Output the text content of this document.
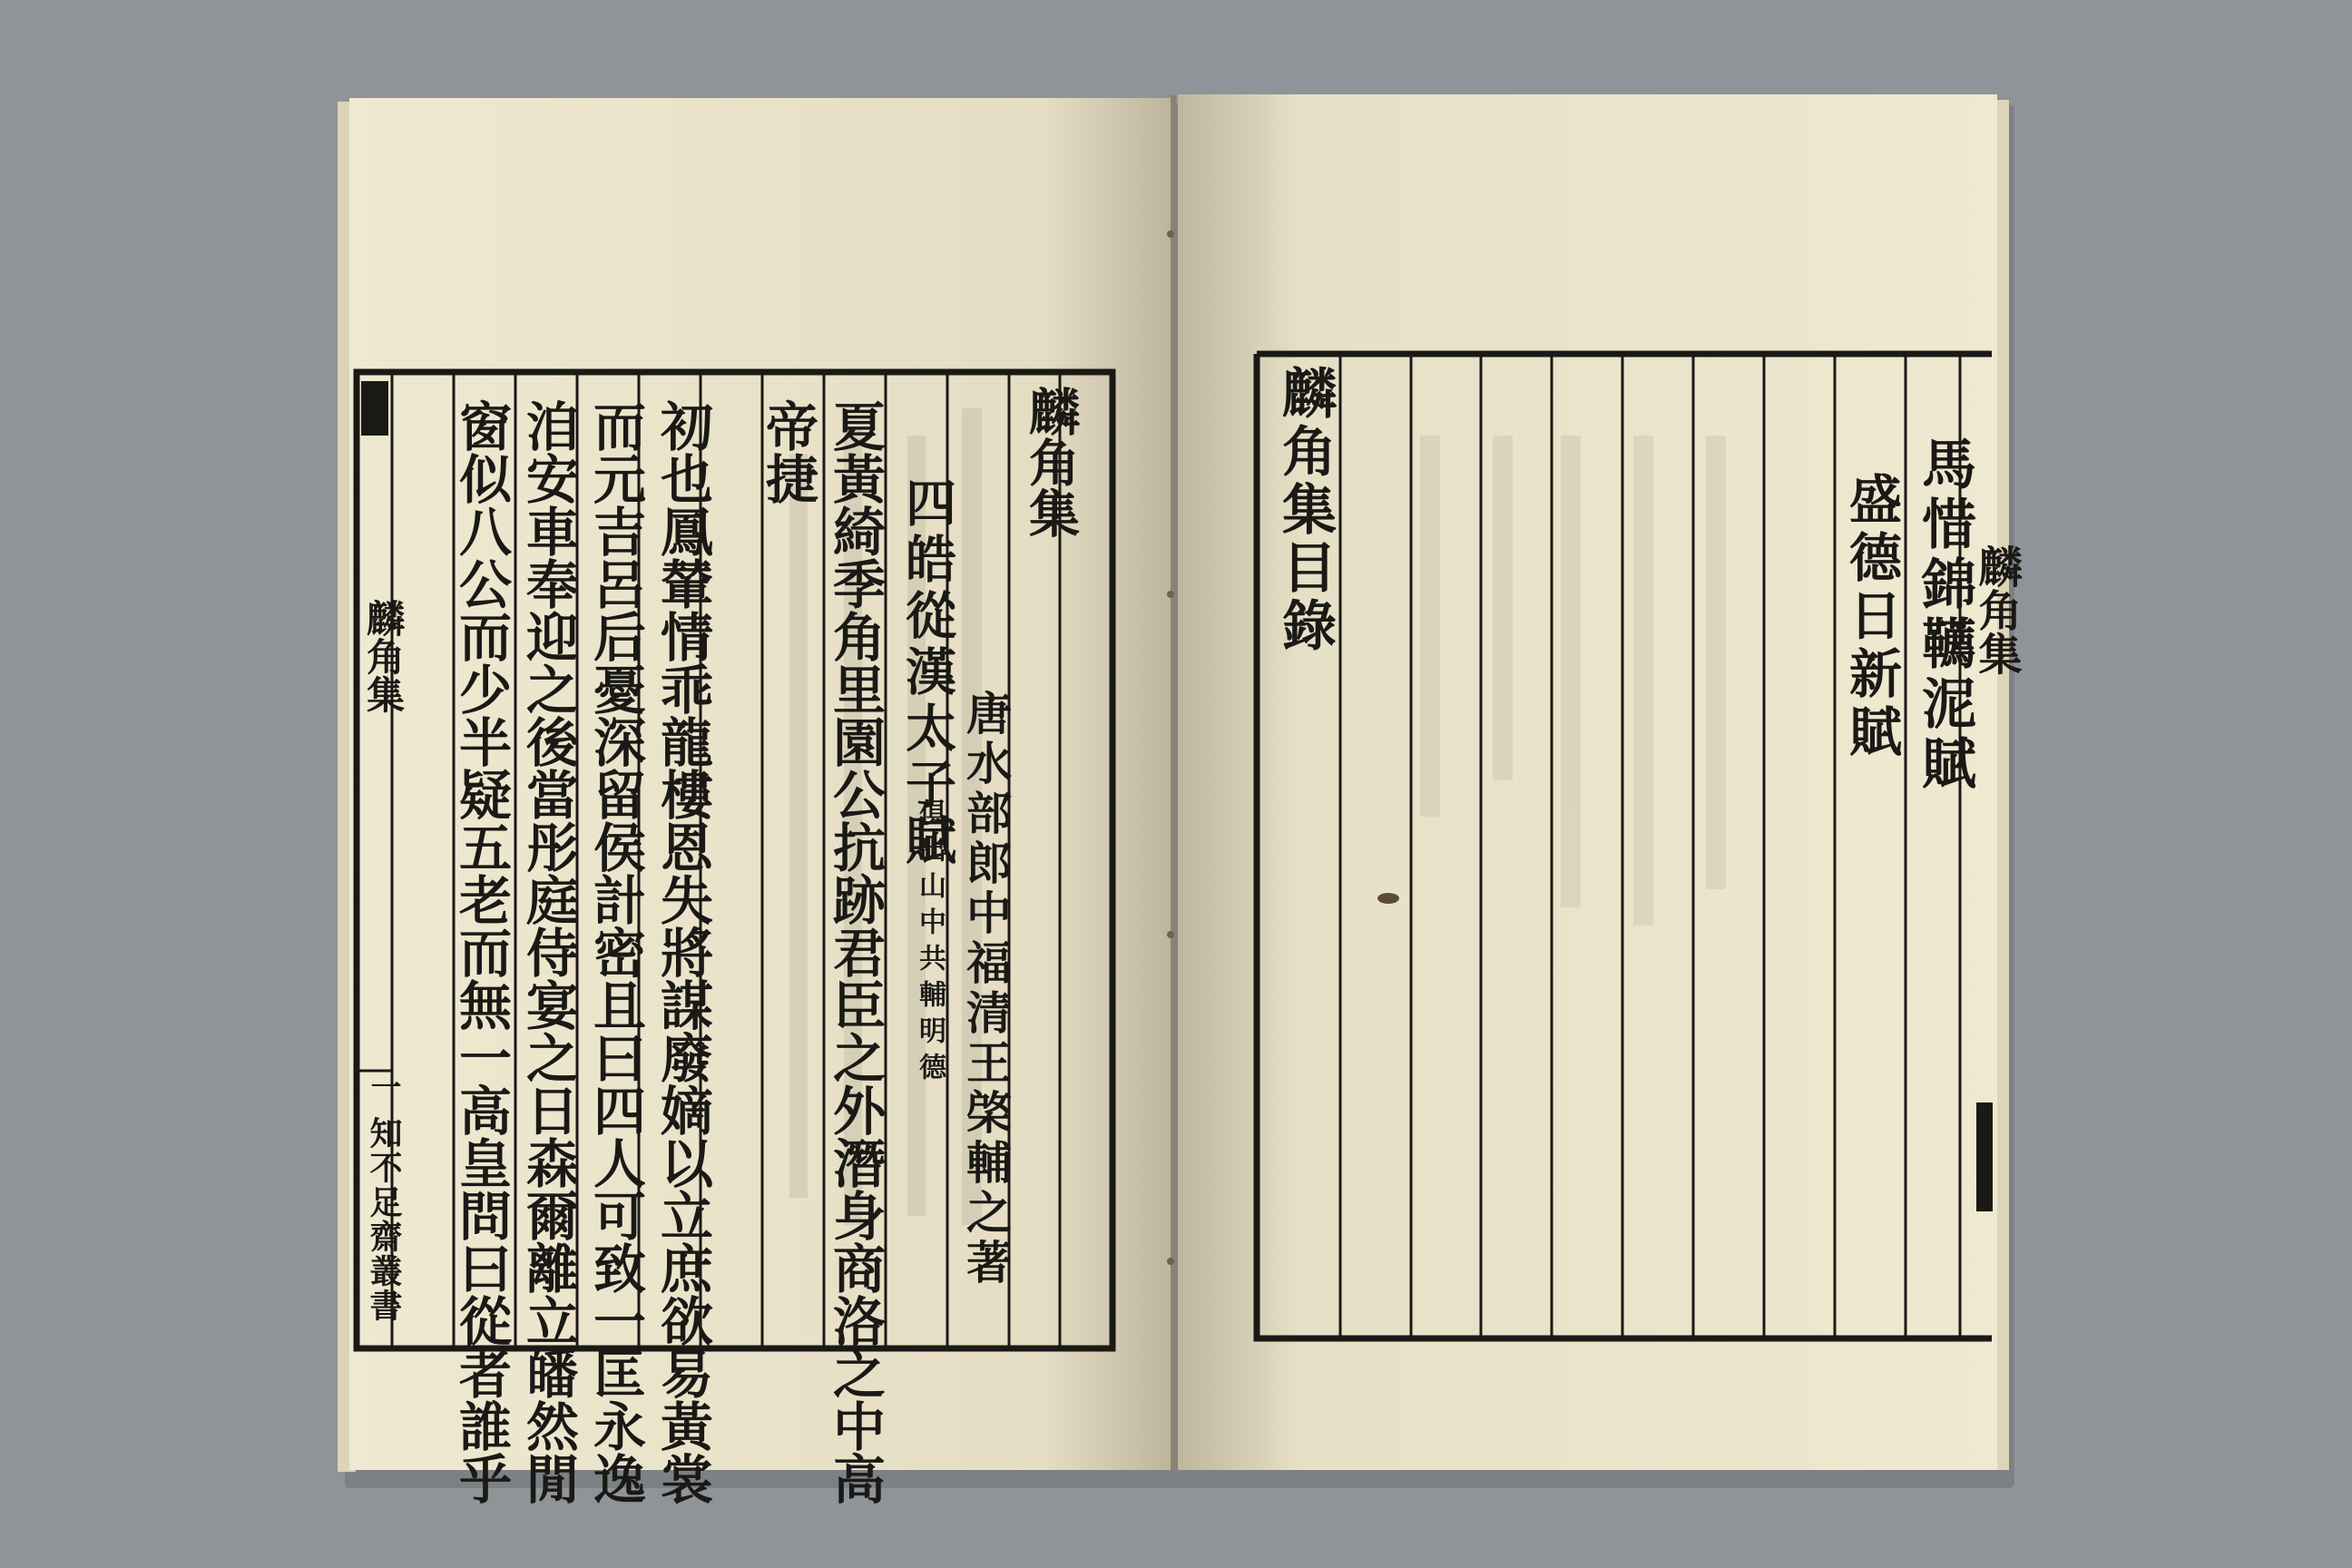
麟角集
一
知不足齋叢書
麟角集
唐水部郎中福清王棨輔之著
四皓從漢太子賦
俱出山中共輔明德
夏黃綺季角里園公抗跡君臣之外潛身商洛之中高
帝捷
初也鳳輦情乖龍樓恩失將謀廢嫡以立庶欲易黃裳
而元吉呂后憂深留侯計密且曰四人可致一匡永逸
洎安車奉迎之後當彤庭侍宴之日森爾離立皤然閒
窗似八公而少半疑五老而無一高皇問曰從者誰乎	麟角集目錄	馬惜錦韉泥賦
盛德日新賦 麟角集
